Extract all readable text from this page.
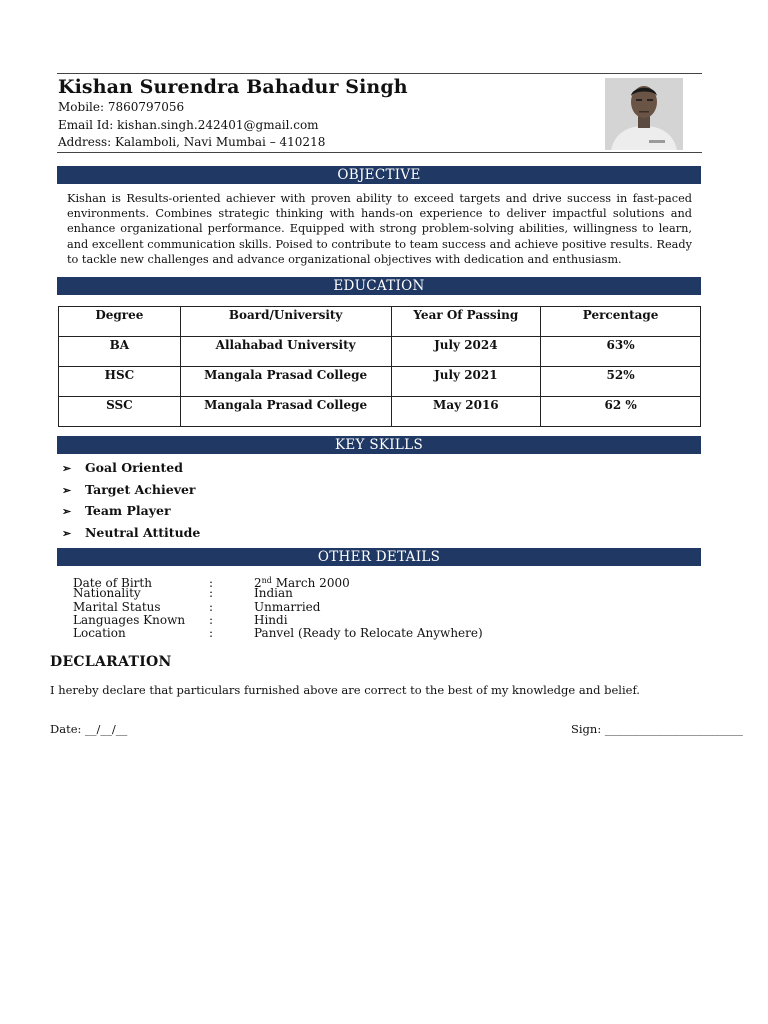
Kishan Surendra Bahadur Singh
Mobile: 7860797056
Email Id: kishan.singh.242401@gmail.com
Address: Kalamboli, Navi Mumbai – 410218
OBJECTIVE
Kishan is Results-oriented achiever with proven ability to exceed targets and drive success in fast-paced environments. Combines strategic thinking with hands-on experience to deliver impactful solutions and enhance organizational performance. Equipped with strong problem-solving abilities, willingness to learn, and excellent communication skills. Poised to contribute to team success and achieve positive results. Ready to tackle new challenges and advance organizational objectives with dedication and enthusiasm.
EDUCATION
Degree	Board/University	Year Of Passing	Percentage
BA	Allahabad University	July 2024	63%
HSC	Mangala Prasad College	July 2021	52%
SSC	Mangala Prasad College	May 2016	62 %
KEY SKILLS
➢ Goal Oriented
➢ Target Achiever
➢ Team Player
➢ Neutral Attitude
OTHER DETAILS
Date of Birth	:	2nd March 2000
Nationality	:	Indian
Marital Status	:	Unmarried
Languages Known :	Hindi
Location	:	Panvel (Ready to Relocate Anywhere)
DECLARATION
I hereby declare that particulars furnished above are correct to the best of my knowledge and belief.
Date: __/__/__	Sign: ________________________
